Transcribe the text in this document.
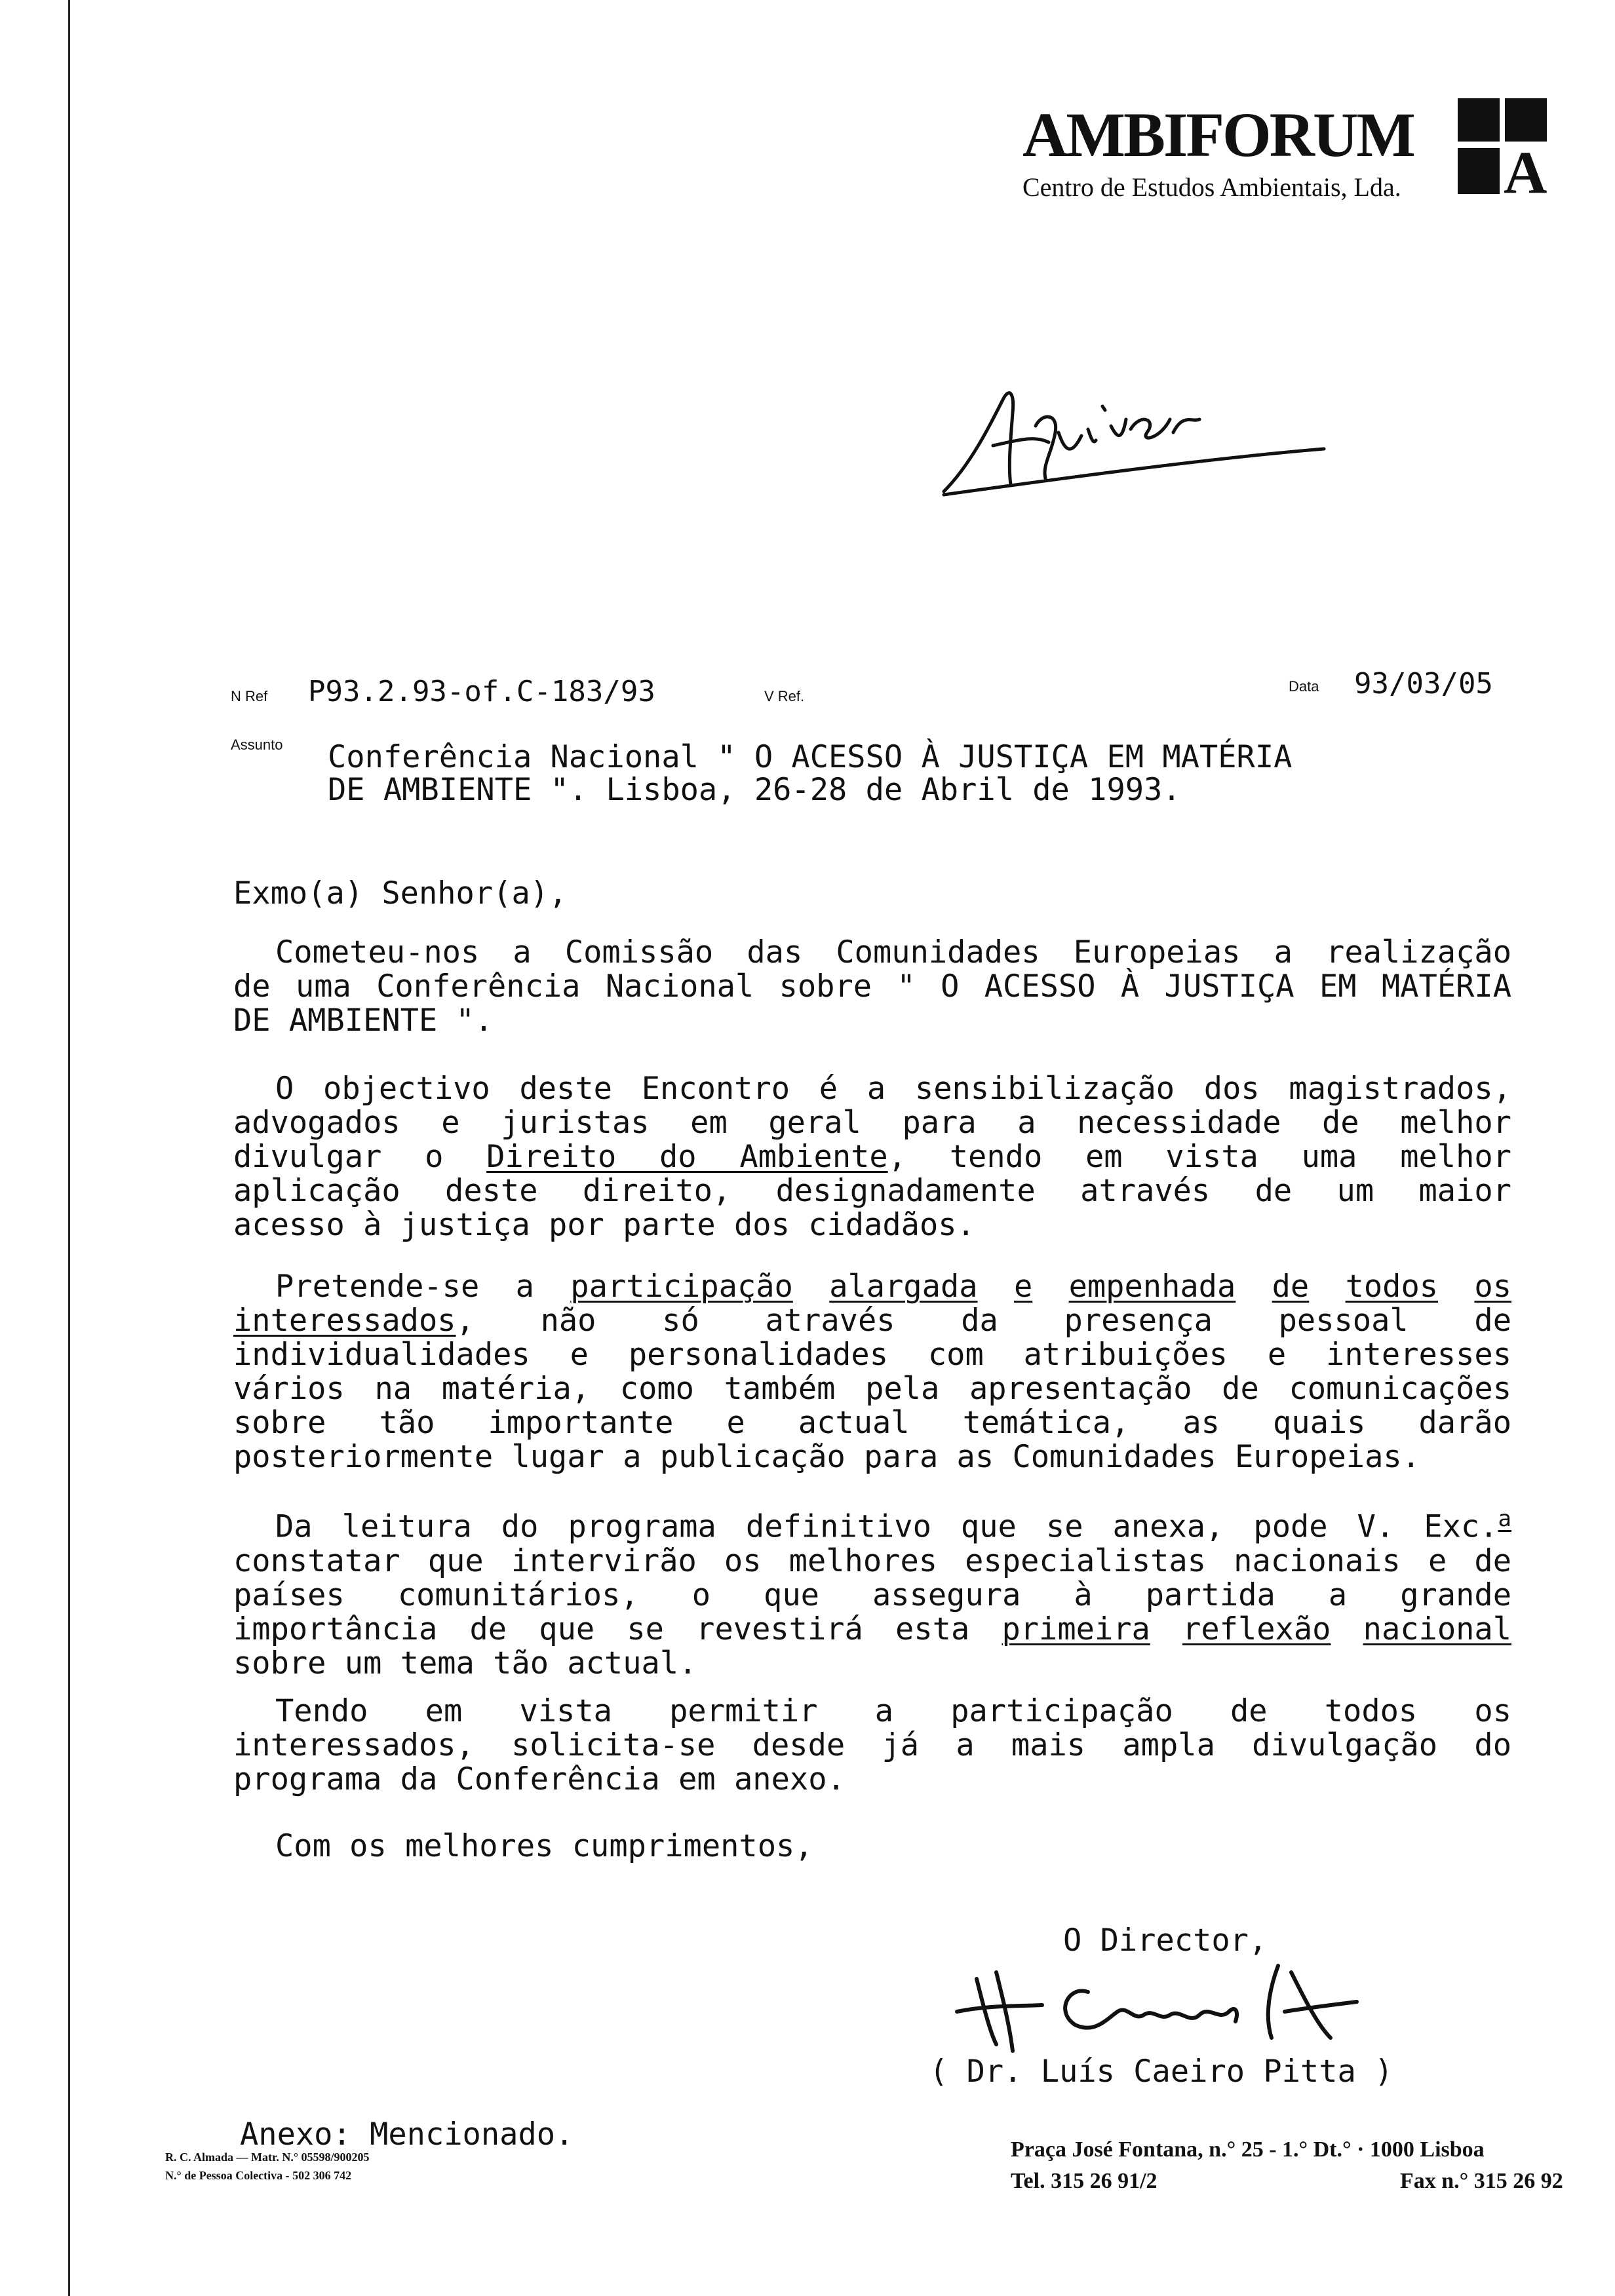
AMBIFORUM
Centro de Estudos Ambientais, Lda. A
N Ref P93.2.93-of.C-183/93	V Ref.
Data 93/03/05
Assunto Conferência Nacional " O ACESSO À JUSTIÇA EM MATÉRIA
DE AMBIENTE ". Lisboa, 26-28 de Abril de 1993.
Exmo(a) Senhor(a),
Cometeu-nos a Comissão das Comunidades Europeias a realização
de uma Conferência Nacional sobre " O ACESSO À JUSTIÇA EM MATÉRIA
DE AMBIENTE ".
O objectivo deste Encontro é a sensibilização dos magistrados,
advogados e juristas em geral para a necessidade de melhor
divulgar o Direito do Ambiente, tendo em vista uma melhor
aplicação deste direito, designadamente através de um maior
acesso à justiça por parte dos cidadãos.
Pretende-se a participação alargada e empenhada de todos os
interessados, não só através da presença pessoal de
individualidades e personalidades com atribuições e interesses
vários na matéria, como também pela apresentação de comunicações
sobre tão importante e actual temática, as quais darão
posteriormente lugar a publicação para as Comunidades Europeias.
Da leitura do programa definitivo que se anexa, pode V. Exc.$^a$
constatar que intervirão os melhores especialistas nacionais e de
países comunitários, o que assegura à partida a grande
importância de que se revestirá esta primeira reflexão nacional
sobre um tema tão actual.
Tendo em vista permitir a participação de todos os
interessados, solicita-se desde já a mais ampla divulgação do
programa da Conferência em anexo.
Com os melhores cumprimentos,
O Director,
( Dr. Luís Caeiro Pitta )
Anexo: Mencionado.
R. C. Almada — Matr. N.° 05598/900205
N.° de Pessoa Colectiva - 502 306 742
Praça José Fontana, n.° 25 - 1.° Dt.° · 1000 Lisboa
Tel. 315 26 91/2	Fax n.° 315 26 92
